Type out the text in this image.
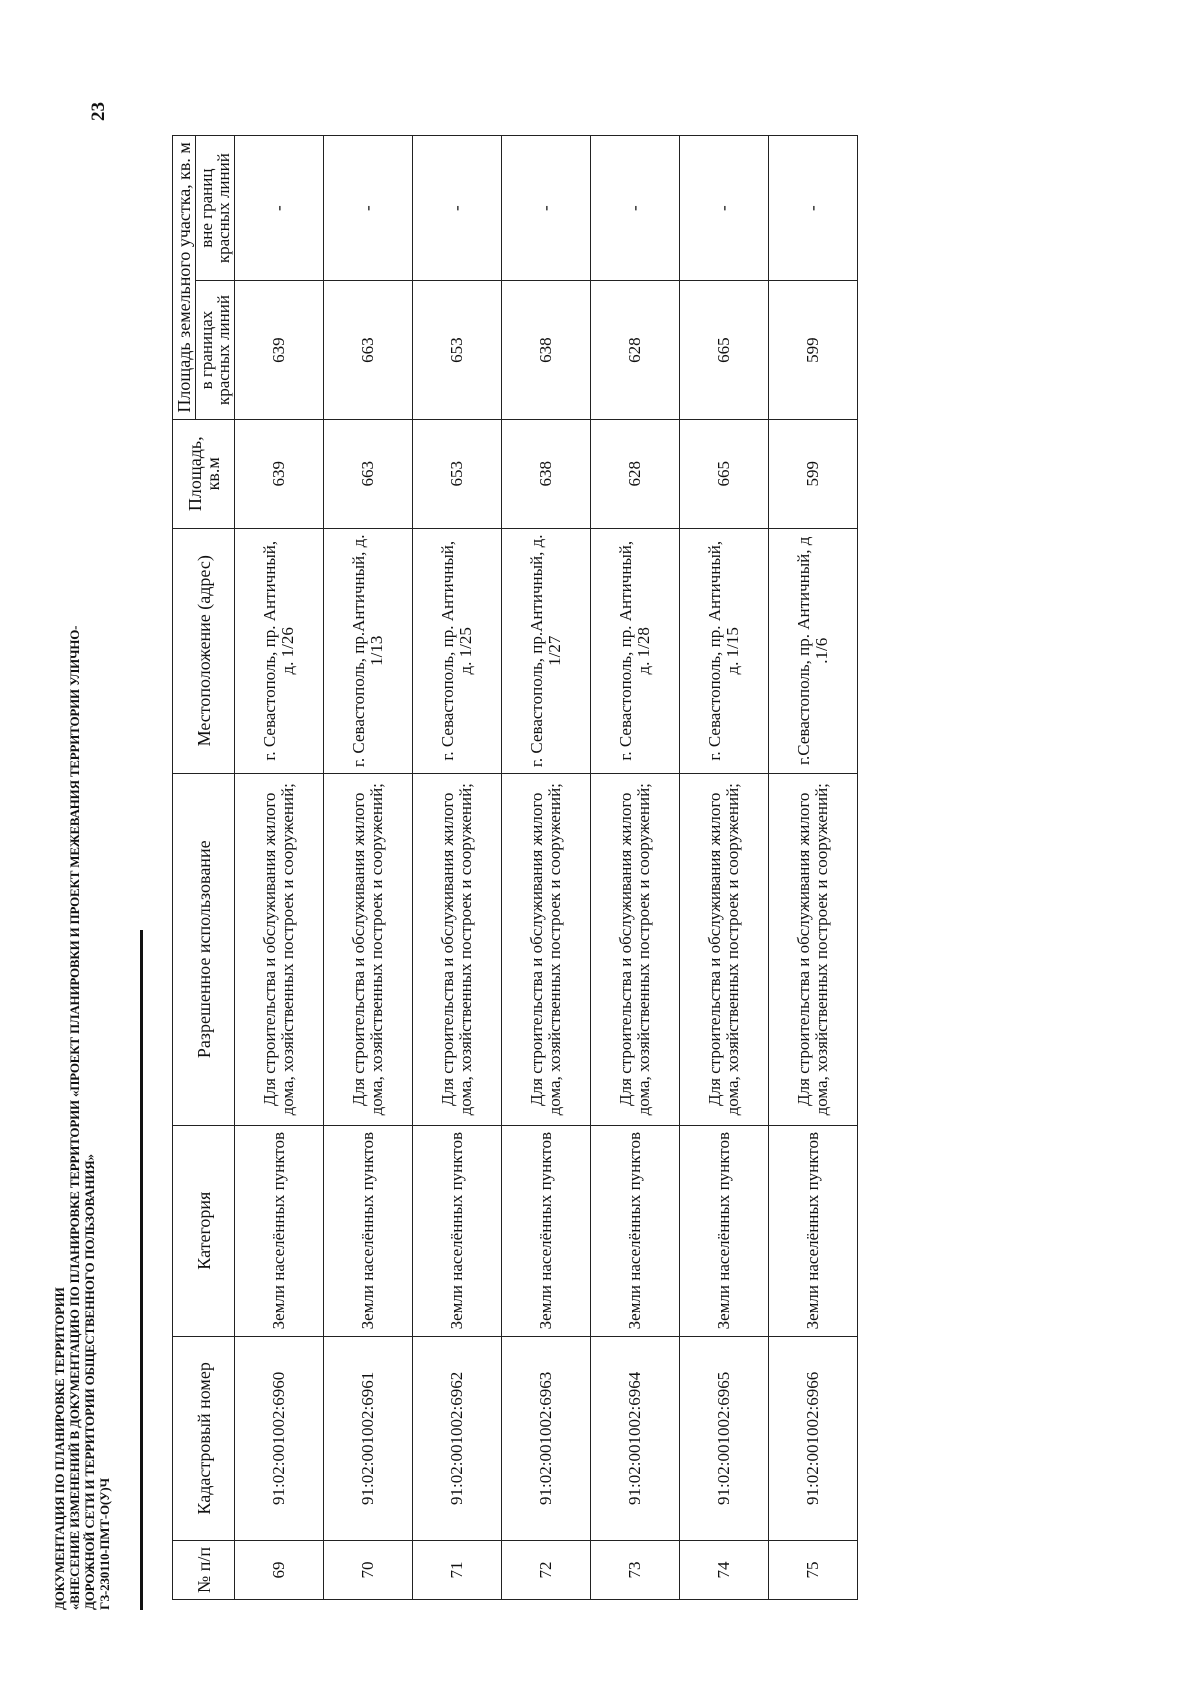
ДОКУМЕНТАЦИЯ ПО ПЛАНИРОВКЕ ТЕРРИТОРИИ «ВНЕСЕНИЕ ИЗМЕНЕНИЙ В ДОКУМЕНТАЦИЮ ПО ПЛАНИРОВКЕ ТЕРРИТОРИИ «ПРОЕКТ ПЛАНИРОВКИ И ПРОЕКТ МЕЖЕВАНИЯ ТЕРРИТОРИИ УЛИЧНО- ДОРОЖНОЙ СЕТИ И ТЕРРИТОРИИ ОБЩЕСТВЕННОГО ПОЛЬЗОВАНИЯ» ГЗ-230110-ПМТ-О(У)Ч
23
№ п/п	Кадастровый номер	Категория	Разрешенное использование	Местоположение (адрес)	Площадь, кв.м	Площадь земельного участка, кв. м	
						в границах красных линий	вне границ красных линий
69	91:02:001002:6960	Земли населённых пунктов	Для строительства и обслуживания жилого дома, хозяйственных построек и сооружений;	г. Севастополь, пр. Античный, д. 1/26	639	639	-
70	91:02:001002:6961	Земли населённых пунктов	Для строительства и обслуживания жилого дома, хозяйственных построек и сооружений;	г. Севастополь, пр.Античный, д. 1/13	663	663	-
71	91:02:001002:6962	Земли населённых пунктов	Для строительства и обслуживания жилого дома, хозяйственных построек и сооружений;	г. Севастополь, пр. Античный, д. 1/25	653	653	-
72	91:02:001002:6963	Земли населённых пунктов	Для строительства и обслуживания жилого дома, хозяйственных построек и сооружений;	г. Севастополь, пр.Античный, д. 1/27	638	638	-
73	91:02:001002:6964	Земли населённых пунктов	Для строительства и обслуживания жилого дома, хозяйственных построек и сооружений;	г. Севастополь, пр. Античный, д. 1/28	628	628	-
74	91:02:001002:6965	Земли населённых пунктов	Для строительства и обслуживания жилого дома, хозяйственных построек и сооружений;	г. Севастополь, пр. Античный, д. 1/15	665	665	-
75	91:02:001002:6966	Земли населённых пунктов	Для строительства и обслуживания жилого дома, хозяйственных построек и сооружений;	г.Севастополь, пр. Античный, д .1/6	599	599	-
